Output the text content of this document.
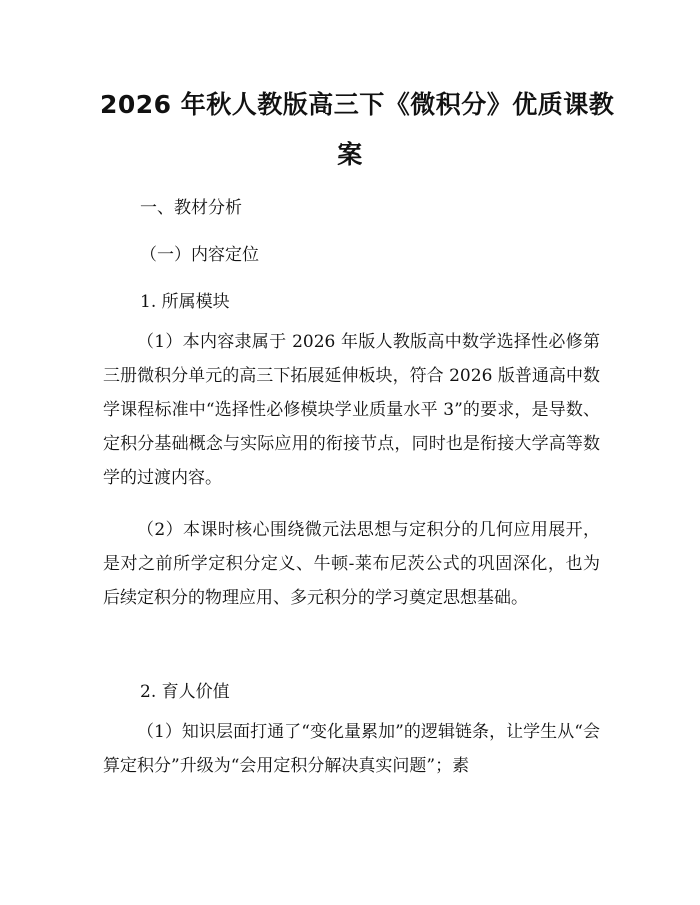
2026 年秋人教版高三下《微积分》优质课教
案
一、教材分析
（一）内容定位
1. 所属模块

（1）本内容隶属于 2026 年版人教版高中数学选择性必修第三册微积分单元的高三下拓展延伸板块，符合 2026 版普通高中数学课程标准中“选择性必修模块学业质量水平 3”的要求，是导数、定积分基础概念与实际应用的衔接节点，同时也是衔接大学高等数学的过渡内容。

（2）本课时核心围绕微元法思想与定积分的几何应用展开，是对之前所学定积分定义、牛顿-莱布尼茨公式的巩固深化，也为后续定积分的物理应用、多元积分的学习奠定思想基础。

2. 育人价值

（1）知识层面打通了“变化量累加”的逻辑链条，让学生从“会算定积分”升级为“会用定积分解决真实问题”；素
